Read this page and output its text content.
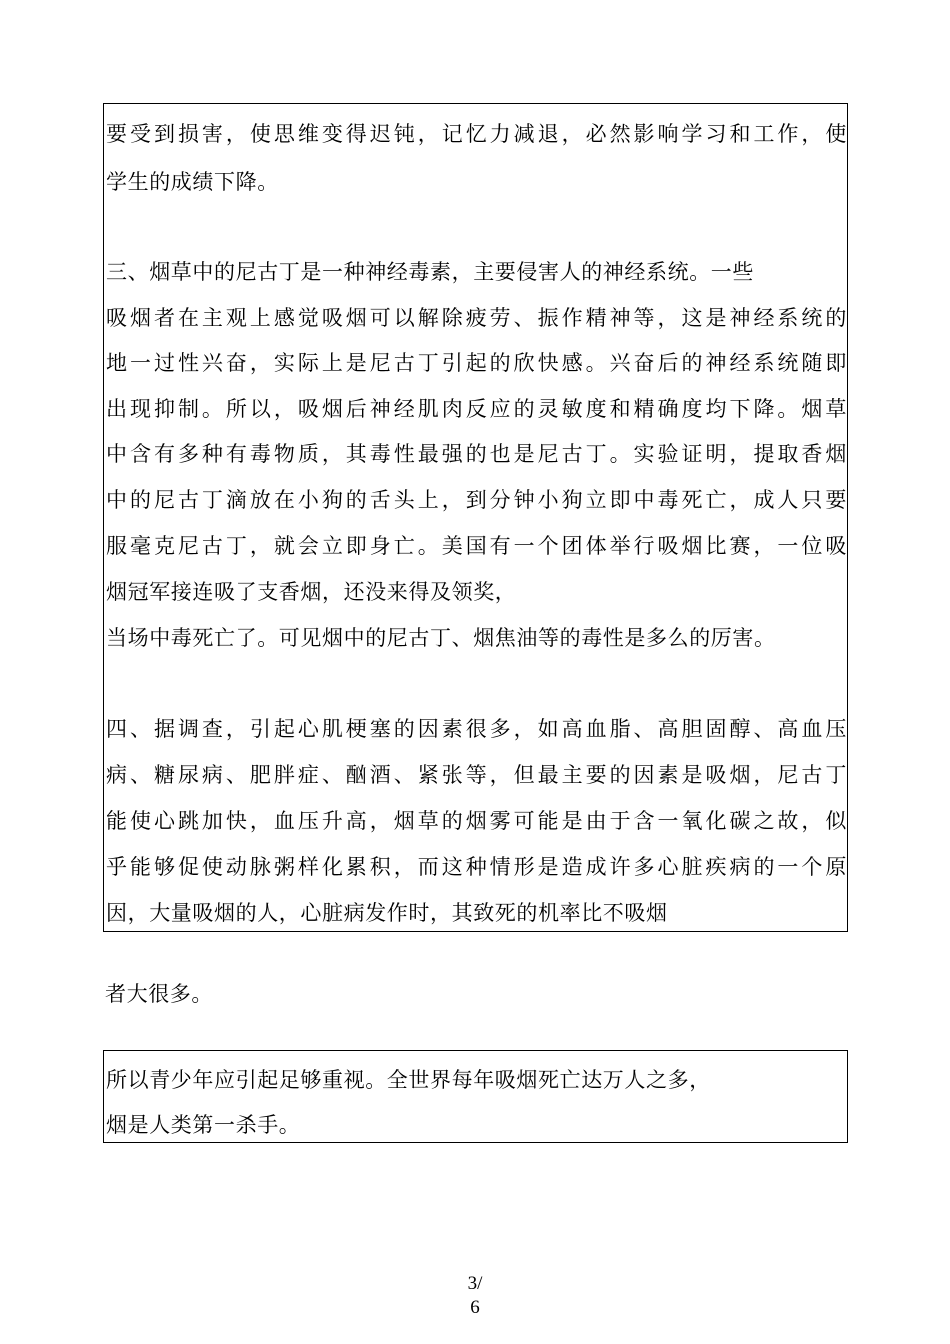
要受到损害，使思维变得迟钝，记忆力减退，必然影响学习和工作，使
学生的成绩下降。
三、烟草中的尼古丁是一种神经毒素，主要侵害人的神经系统。一些
吸烟者在主观上感觉吸烟可以解除疲劳、振作精神等，这是神经系统的
地一过性兴奋，实际上是尼古丁引起的欣快感。兴奋后的神经系统随即
出现抑制。所以，吸烟后神经肌肉反应的灵敏度和精确度均下降。烟草
中含有多种有毒物质，其毒性最强的也是尼古丁。实验证明，提取香烟
中的尼古丁滴放在小狗的舌头上，到分钟小狗立即中毒死亡，成人只要
服毫克尼古丁，就会立即身亡。美国有一个团体举行吸烟比赛，一位吸
烟冠军接连吸了支香烟，还没来得及领奖，
当场中毒死亡了。可见烟中的尼古丁、烟焦油等的毒性是多么的厉害。
四、据调查，引起心肌梗塞的因素很多，如高血脂、高胆固醇、高血压
病、糖尿病、肥胖症、酗酒、紧张等，但最主要的因素是吸烟，尼古丁
能使心跳加快，血压升高，烟草的烟雾可能是由于含一氧化碳之故，似
乎能够促使动脉粥样化累积，而这种情形是造成许多心脏疾病的一个原
因，大量吸烟的人，心脏病发作时，其致死的机率比不吸烟
者大很多。
所以青少年应引起足够重视。全世界每年吸烟死亡达万人之多，
烟是人类第一杀手。
3/
6
